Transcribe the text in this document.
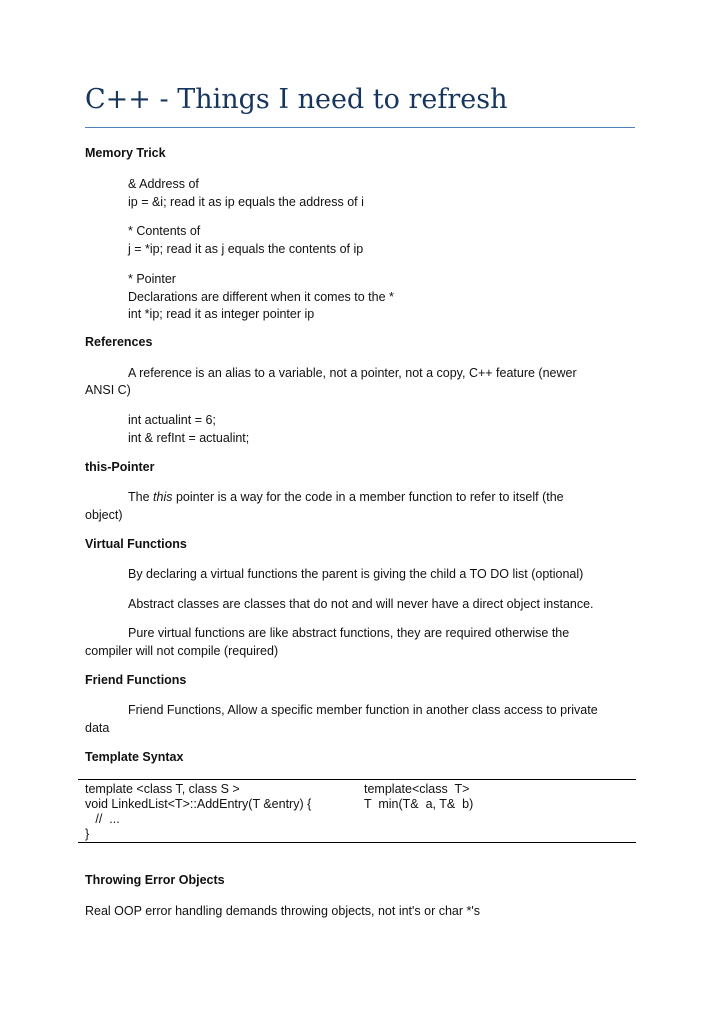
C++ - Things I need to refresh
Memory Trick
& Address of
ip = &i; read it as ip equals the address of i
* Contents of
j = *ip; read it as j equals the contents of ip
* Pointer
Declarations are different when it comes to the *
int *ip; read it as integer pointer ip
References
A reference is an alias to a variable, not a pointer, not a copy, C++ feature (newer
ANSI C)
int actualint = 6;
int & refInt = actualint;
this-Pointer
The this pointer is a way for the code in a member function to refer to itself (the
object)
Virtual Functions
By declaring a virtual functions the parent is giving the child a TO DO list (optional)
Abstract classes are classes that do not and will never have a direct object instance.
Pure virtual functions are like abstract functions, they are required otherwise the
compiler will not compile (required)
Friend Functions
Friend Functions, Allow a specific member function in another class access to private
data
Template Syntax
template <class T, class S >
void LinkedList<T>::AddEntry(T &entry) {
//  ...
}
template<class  T>
T  min(T&  a, T&  b)
Throwing Error Objects
Real OOP error handling demands throwing objects, not int's or char *'s
